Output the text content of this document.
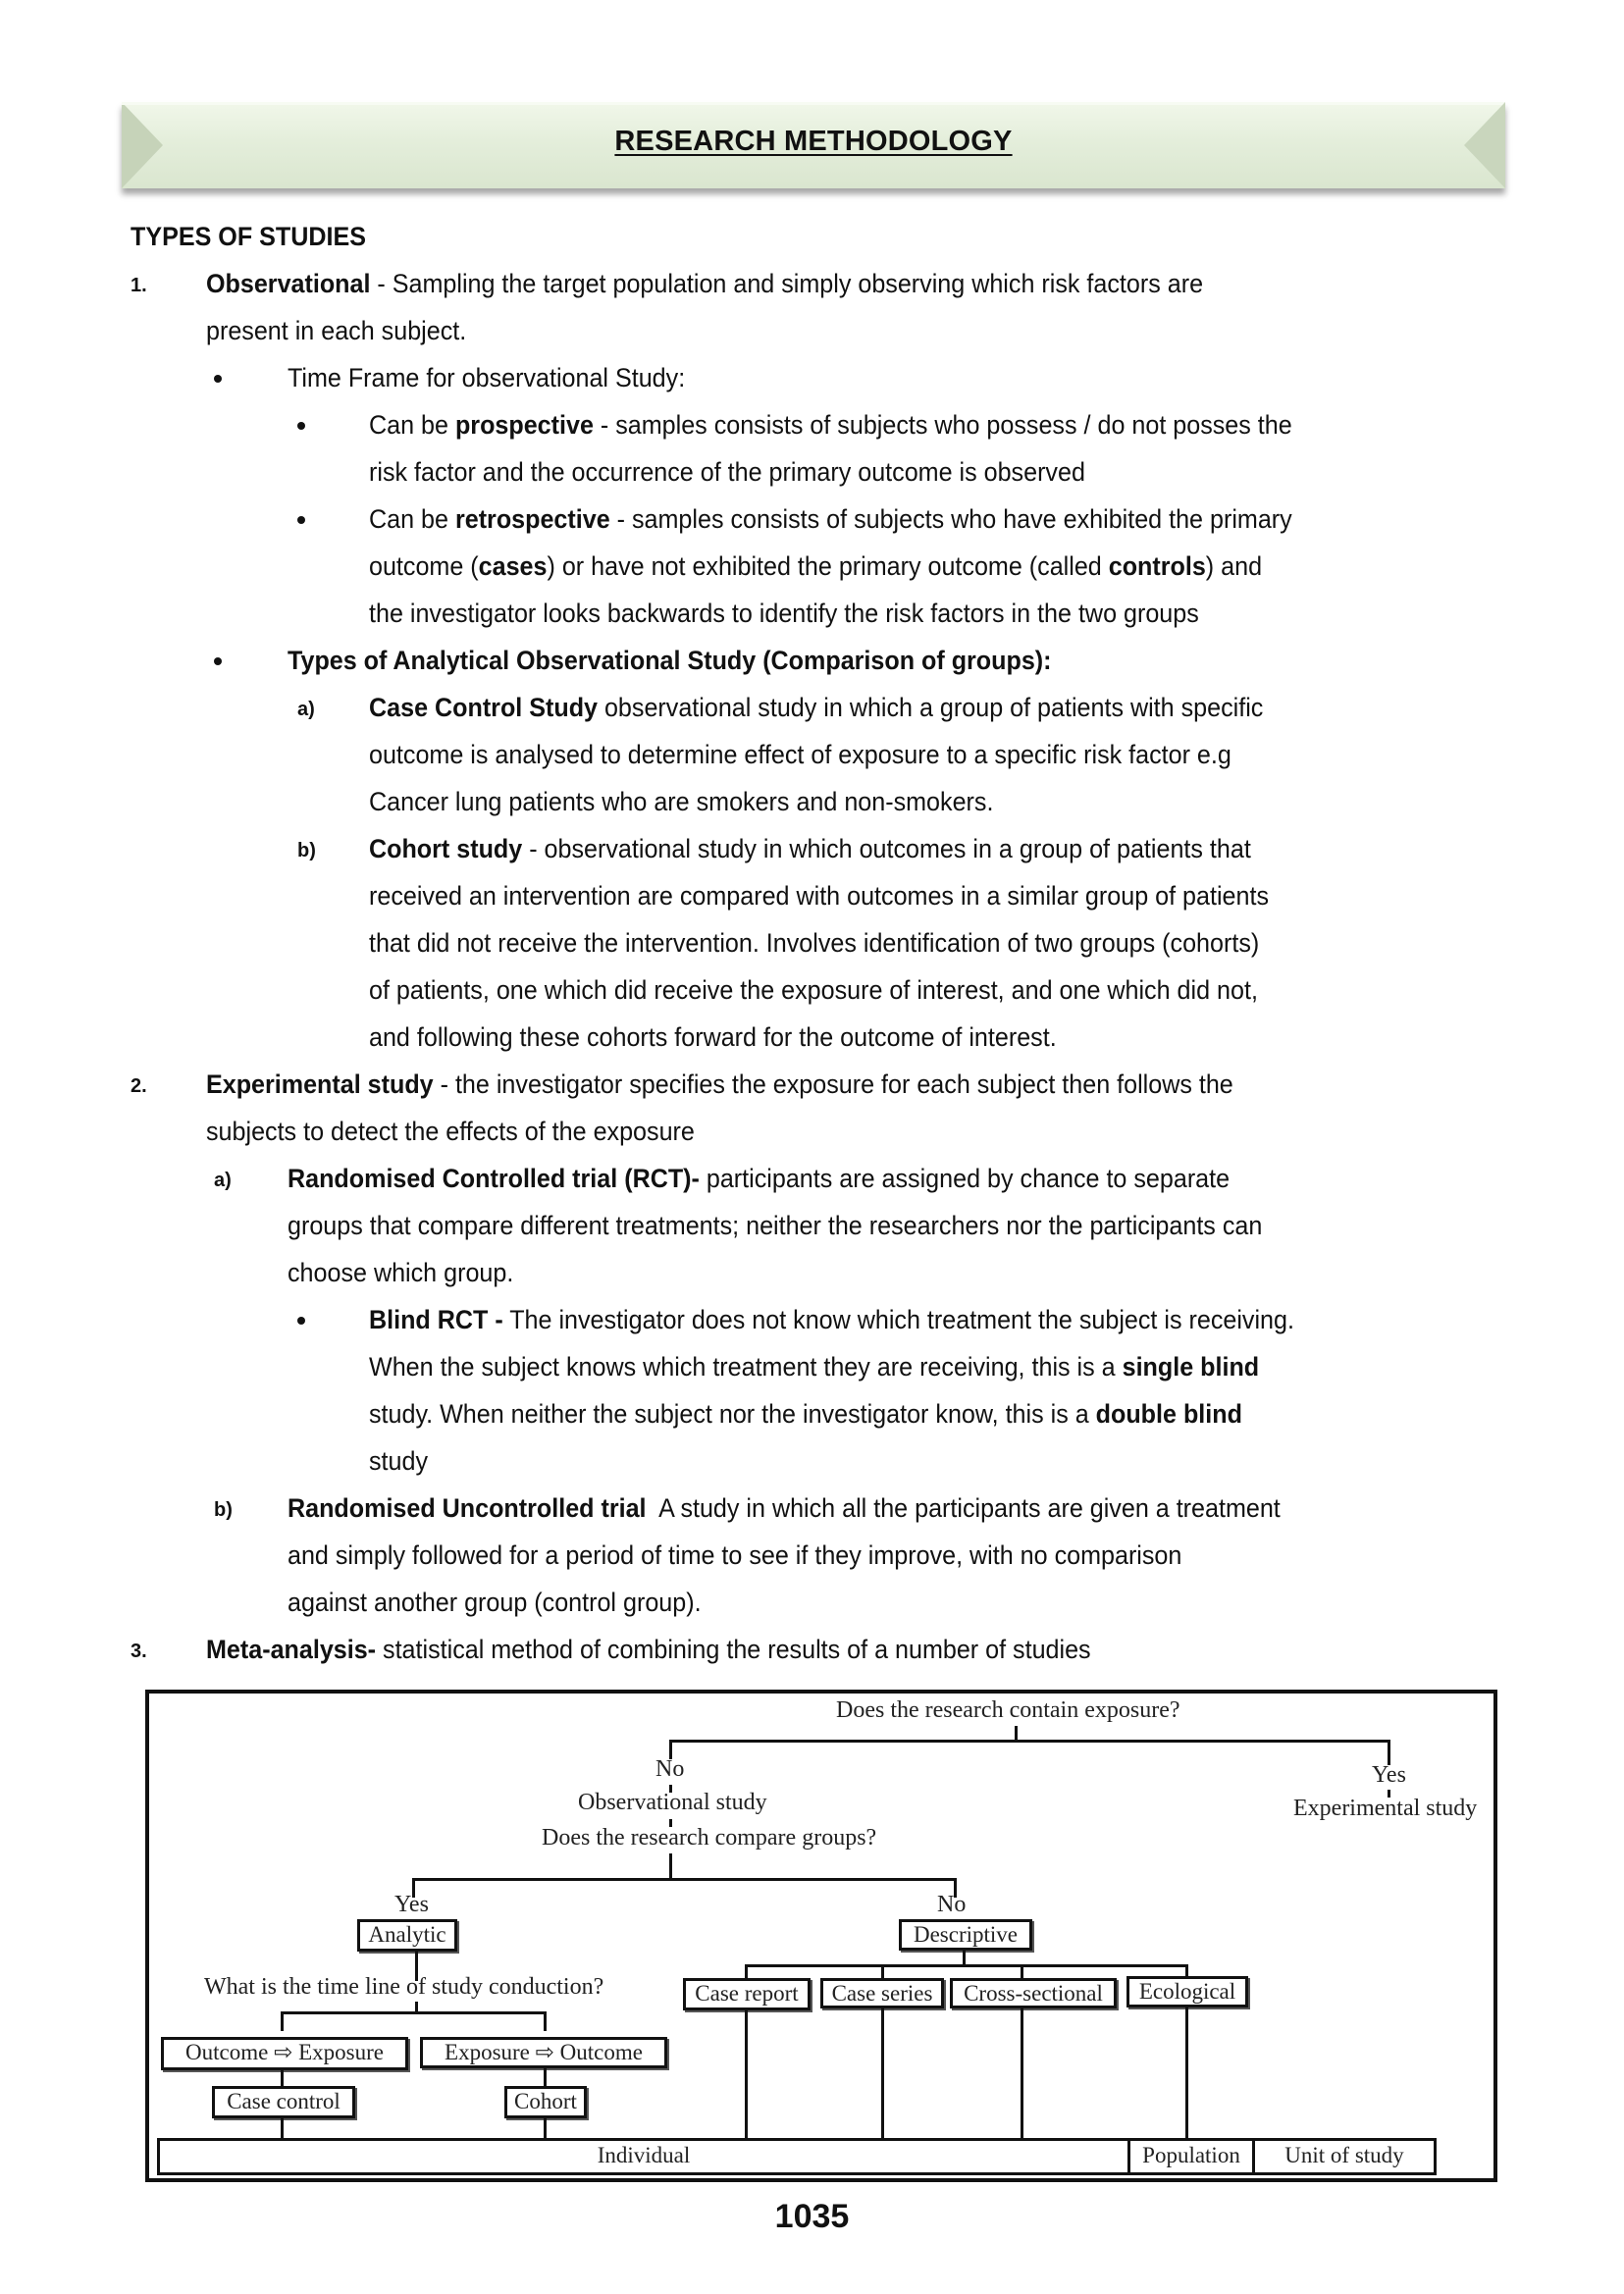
RESEARCH METHODOLOGY
TYPES OF STUDIES
1. Observational - Sampling the target population and simply observing which risk factors are
present in each subject.
Time Frame for observational Study:
Can be prospective - samples consists of subjects who possess / do not posses the
risk factor and the occurrence of the primary outcome is observed
Can be retrospective - samples consists of subjects who have exhibited the primary
outcome (cases) or have not exhibited the primary outcome (called controls) and
the investigator looks backwards to identify the risk factors in the two groups
Types of Analytical Observational Study (Comparison of groups):
a) Case Control Study observational study in which a group of patients with specific
outcome is analysed to determine effect of exposure to a specific risk factor e.g
Cancer lung patients who are smokers and non-smokers.
b) Cohort study - observational study in which outcomes in a group of patients that
received an intervention are compared with outcomes in a similar group of patients
that did not receive the intervention. Involves identification of two groups (cohorts)
of patients, one which did receive the exposure of interest, and one which did not,
and following these cohorts forward for the outcome of interest.
2. Experimental study - the investigator specifies the exposure for each subject then follows the
subjects to detect the effects of the exposure
a) Randomised Controlled trial (RCT)- participants are assigned by chance to separate
groups that compare different treatments; neither the researchers nor the participants can
choose which group.
Blind RCT - The investigator does not know which treatment the subject is receiving.
When the subject knows which treatment they are receiving, this is a single blind
study. When neither the subject nor the investigator know, this is a double blind
study
b) Randomised Uncontrolled trial  A study in which all the participants are given a treatment
and simply followed for a period of time to see if they improve, with no comparison
against another group (control group).
3. Meta-analysis- statistical method of combining the results of a number of studies
Does the research contain exposure?
No
Observational study
Does the research compare groups?
Yes
Experimental study
Yes
Analytic
No
Descriptive
What is the time line of study conduction?
Outcome ⇨ Exposure	Exposure ⇨ Outcome
Case control	Cohort
Case report	Case series	Cross-sectional	Ecological
Individual	Population	Unit of study
1035
